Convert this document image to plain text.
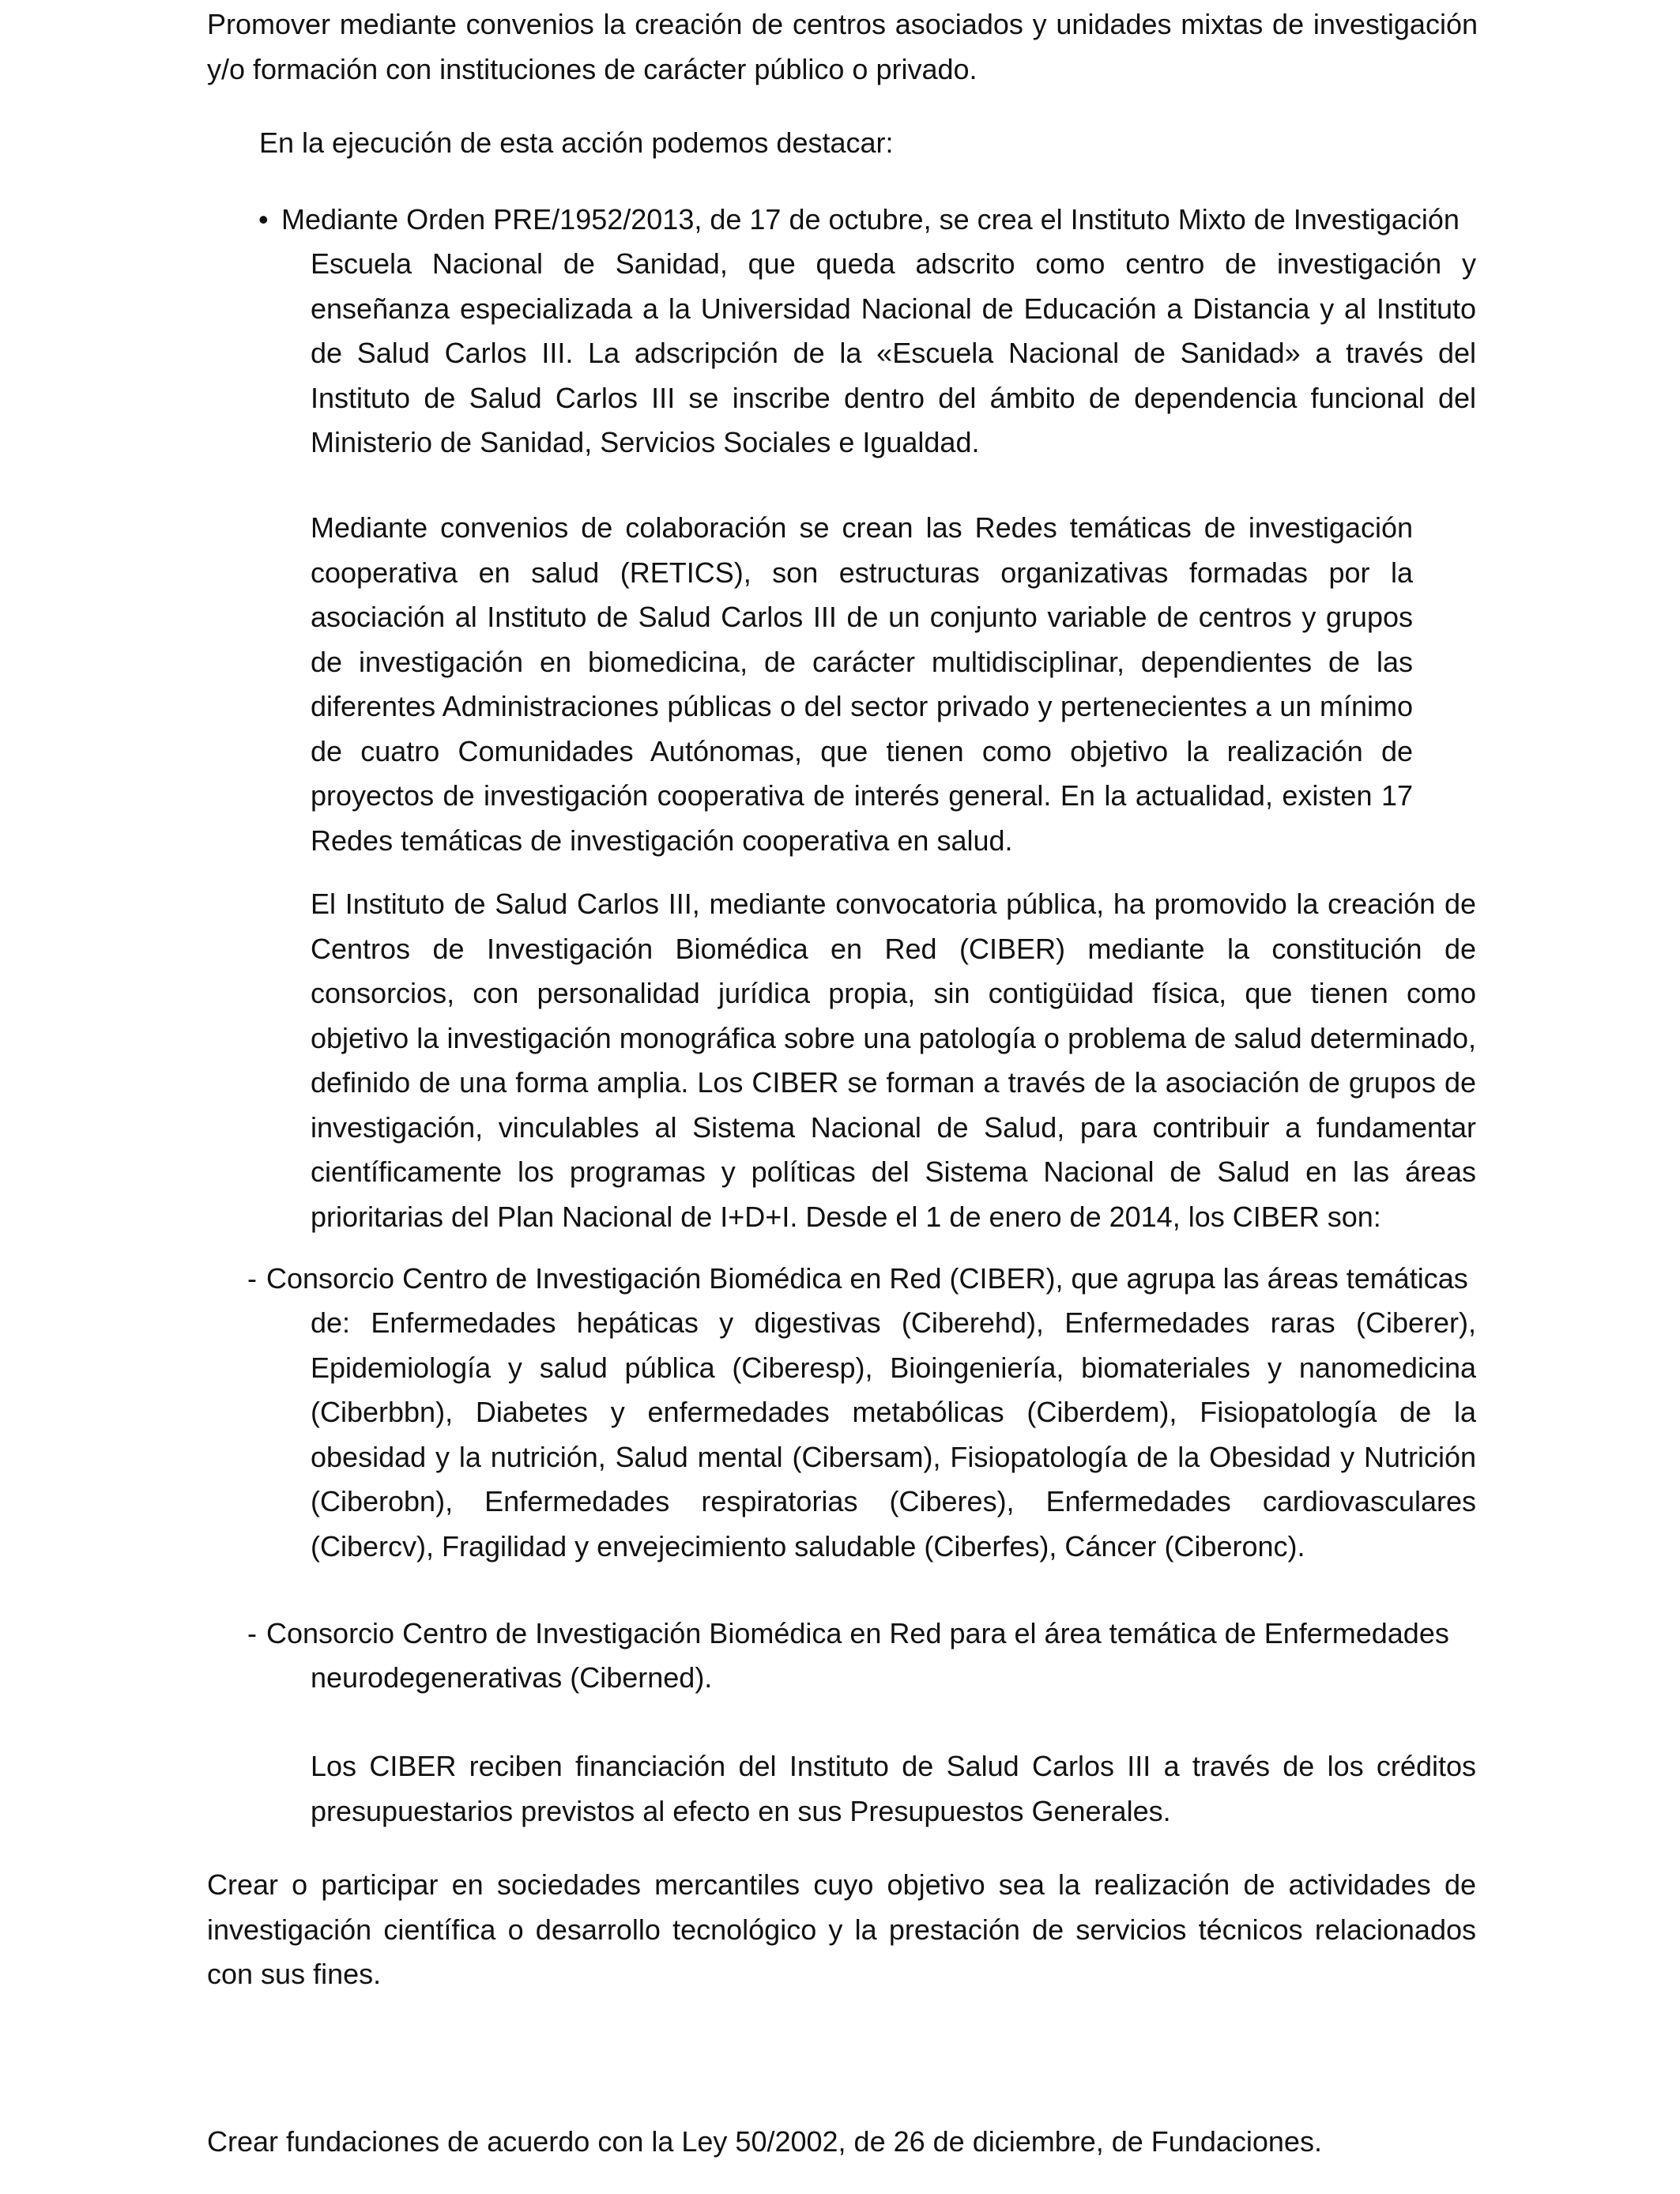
Promover mediante convenios la creación de centros asociados y unidades mixtas de investigación y/o formación con instituciones de carácter público o privado.

En la ejecución de esta acción podemos destacar:

• Mediante Orden PRE/1952/2013, de 17 de octubre, se crea el Instituto Mixto de Investigación

Escuela Nacional de Sanidad, que queda adscrito como centro de investigación y enseñanza especializada a la Universidad Nacional de Educación a Distancia y al Instituto de Salud Carlos III. La adscripción de la «Escuela Nacional de Sanidad» a través del Instituto de Salud Carlos III se inscribe dentro del ámbito de dependencia funcional del Ministerio de Sanidad, Servicios Sociales e Igualdad.

Mediante convenios de colaboración se crean las Redes temáticas de investigación cooperativa en salud (RETICS), son estructuras organizativas formadas por la asociación al Instituto de Salud Carlos III de un conjunto variable de centros y grupos de investigación en biomedicina, de carácter multidisciplinar, dependientes de las diferentes Administraciones públicas o del sector privado y pertenecientes a un mínimo de cuatro Comunidades Autónomas, que tienen como objetivo la realización de proyectos de investigación cooperativa de interés general. En la actualidad, existen 17 Redes temáticas de investigación cooperativa en salud.

El Instituto de Salud Carlos III, mediante convocatoria pública, ha promovido la creación de Centros de Investigación Biomédica en Red (CIBER) mediante la constitución de consorcios, con personalidad jurídica propia, sin contigüidad física, que tienen como objetivo la investigación monográfica sobre una patología o problema de salud determinado, definido de una forma amplia. Los CIBER se forman a través de la asociación de grupos de investigación, vinculables al Sistema Nacional de Salud, para contribuir a fundamentar científicamente los programas y políticas del Sistema Nacional de Salud en las áreas prioritarias del Plan Nacional de I+D+I. Desde el 1 de enero de 2014, los CIBER son:

- Consorcio Centro de Investigación Biomédica en Red (CIBER), que agrupa las áreas temáticas

de: Enfermedades hepáticas y digestivas (Ciberehd), Enfermedades raras (Ciberer), Epidemiología y salud pública (Ciberesp), Bioingeniería, biomateriales y nanomedicina (Ciberbbn), Diabetes y enfermedades metabólicas (Ciberdem), Fisiopatología de la obesidad y la nutrición, Salud mental (Cibersam), Fisiopatología de la Obesidad y Nutrición (Ciberobn), Enfermedades respiratorias (Ciberes), Enfermedades cardiovasculares (Cibercv), Fragilidad y envejecimiento saludable (Ciberfes), Cáncer (Ciberonc).

- Consorcio Centro de Investigación Biomédica en Red para el área temática de Enfermedades

neurodegenerativas (Ciberned).

Los CIBER reciben financiación del Instituto de Salud Carlos III a través de los créditos presupuestarios previstos al efecto en sus Presupuestos Generales.

Crear o participar en sociedades mercantiles cuyo objetivo sea la realización de actividades de investigación científica o desarrollo tecnológico y la prestación de servicios técnicos relacionados con sus fines.

Crear fundaciones de acuerdo con la Ley 50/2002, de 26 de diciembre, de Fundaciones.
